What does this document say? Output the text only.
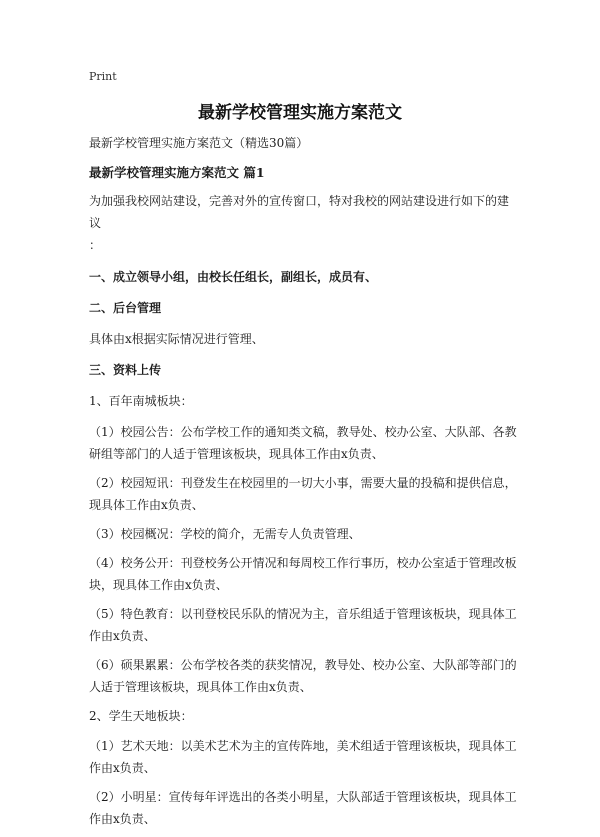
Print
最新学校管理实施方案范文

最新学校管理实施方案范文（精选30篇）

最新学校管理实施方案范文 篇1

为加强我校网站建设，完善对外的宣传窗口，特对我校的网站建设进行如下的建议

：

一、成立领导小组，由校长任组长，副组长，成员有、

二、后台管理

具体由x根据实际情况进行管理、

三、资料上传

1、百年南城板块：

（1）校园公告：公布学校工作的通知类文稿，教导处、校办公室、大队部、各教

研组等部门的人适于管理该板块，现具体工作由x负责、

（2）校园短讯：刊登发生在校园里的一切大小事，需要大量的投稿和提供信息，

现具体工作由x负责、

（3）校园概况：学校的简介，无需专人负责管理、

（4）校务公开：刊登校务公开情况和每周校工作行事历，校办公室适于管理改板

块，现具体工作由x负责、

（5）特色教育：以刊登校民乐队的情况为主，音乐组适于管理该板块，现具体工

作由x负责、

（6）硕果累累：公布学校各类的获奖情况，教导处、校办公室、大队部等部门的

人适于管理该板块，现具体工作由x负责、

2、学生天地板块：

（1）艺术天地：以美术艺术为主的宣传阵地，美术组适于管理该板块，现具体工

作由x负责、

（2）小明星：宣传每年评选出的各类小明星，大队部适于管理该板块，现具体工

作由x负责、
